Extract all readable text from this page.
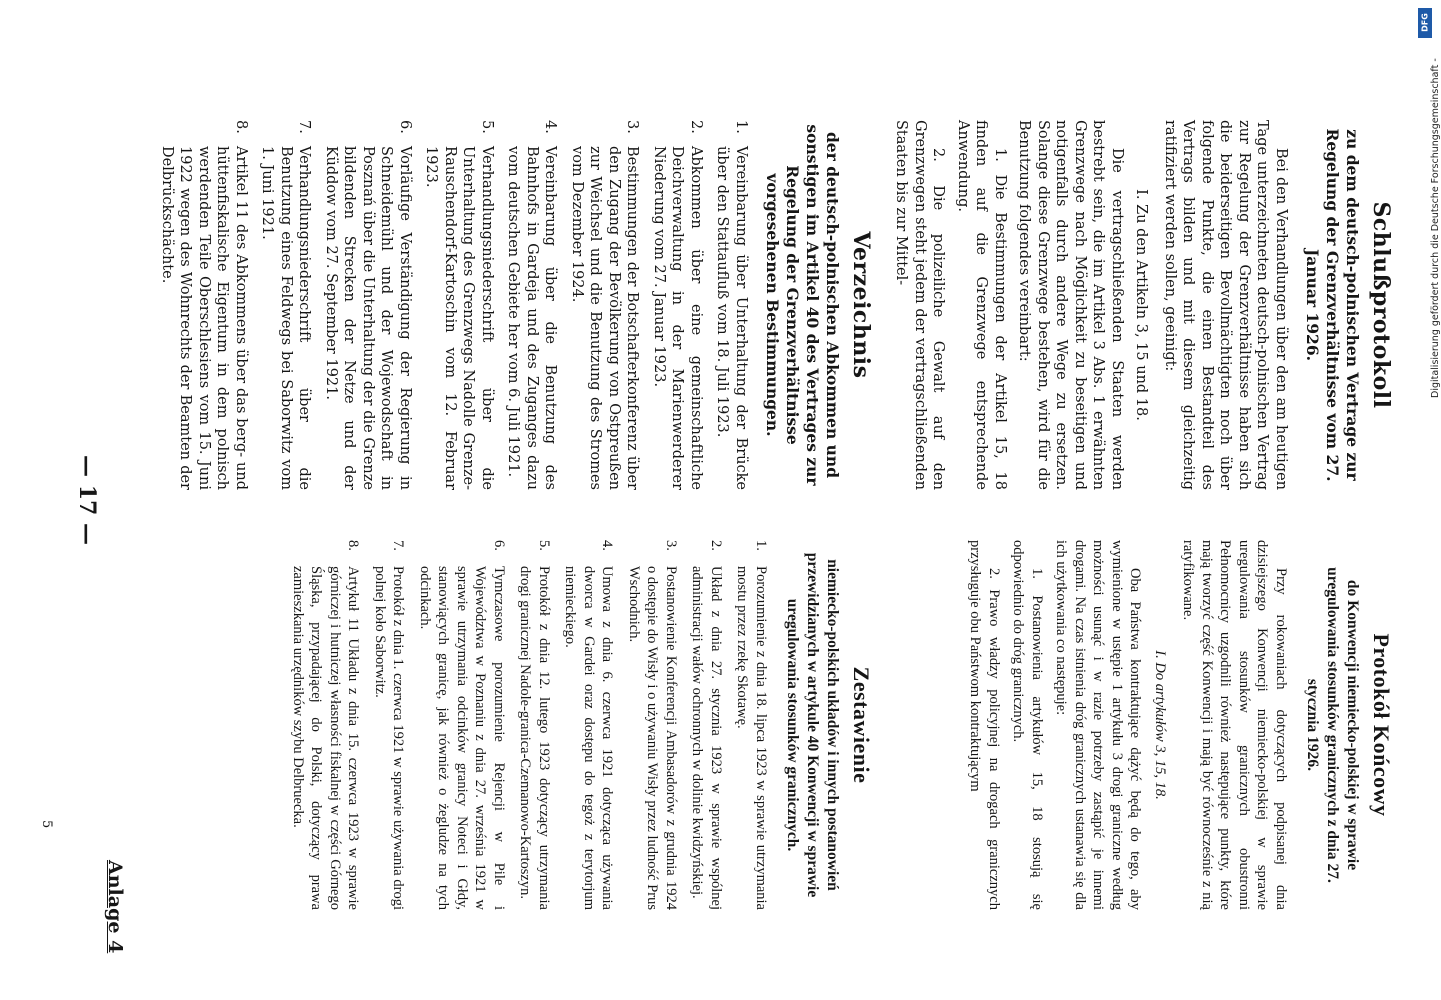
— 17 —
Anlage 4
5
Verzeichnis
der deutsch-polnischen Abkommen und sonstigen im Artikel 40 des Vertrages zur Regelung der Grenzverhältnisse vorgesehenen Bestimmungen.
1.
Vereinbarung über Unterhaltung der Brücke über den Stattaufluß vom 18. Juli 1923.
2.
Abkommen über eine gemeinschaftliche Deichverwaltung in der Marienwerderer Niederung vom 27. Januar 1923.
3.
Bestimmungen der Botschafterkonferenz über den Zugang der Bevölkerung von Ostpreußen zur Weichsel und die Benutzung des Stromes vom Dezember 1924.
4.
Vereinbarung über die Benutzung des Bahnhofs in Gardeja und des Zuganges dazu vom deutschen Gebiete her vom 6. Juli 1921.
5.
Verhandlungsniederschrift über die Unterhaltung des Grenzwegs Nadolle Grenze-Rauschendorf-Kartoschin vom 12. Februar 1923.
6.
Vorläufige Verständigung der Regierung in Schneidemühl und der Wojewodschaft in Posznań über die Unterhaltung der die Grenze bildenden Strecken der Netze und der Küddow vom 27. September 1921.
7.
Verhandlungsniederschrift über die Benutzung eines Feldwegs bei Saborwitz vom 1. Juni 1921.
8.
Artikel 11 des Abkommens über das berg- und hüttenfiskalische Eigentum in dem polnisch werdenden Teile Oberschlesiens vom 15. Juni 1922 wegen des Wohnrechts der Beamten der Delbrückschächte.	Schlußprotokoll
zu dem deutsch-polnischen Vertrage zur Regelung der Grenzverhältnisse vom 27. Januar 1926.

Bei den Verhandlungen über den am heutigen Tage unterzeichneten deutsch-polnischen Vertrag zur Regelung der Grenzverhältnisse haben sich die beiderseitigen Bevollmächtigten noch über folgende Punkte, die einen Bestandteil des Vertrags bilden und mit diesem gleichzeitig ratifiziert werden sollen, geeinigt:

I. Zu den Artikeln 3, 15 und 18.

Die vertragschließenden Staaten werden bestrebt sein, die im Artikel 3 Abs. 1 erwähnten Grenzwege nach Möglichkeit zu beseitigen und notigenfalls durch andere Wege zu ersetzen. Solange diese Grenzwege bestehen, wird für die Benutzung folgendes vereinbart:

1. Die Bestimmungen der Artikel 15, 18 finden auf die Grenzwege entsprechende Anwendung.

2. Die polizeiliche Gewalt auf den Grenzwegen steht jedem der vertragschließenden Staaten bis zur Mittel-

Zestawienie
niemiecko-polskich układów i innych postanowień przewidzianych w artykule 40 Konwencji w sprawie uregulowania stosunków granicznych.
1.
Porozumienie z dnia 18. lipca 1923 w sprawie utrzymania mostu przez rzekę Skotawę.
2.
Układ z dnia 27. stycznia 1923 w sprawie wspólnej administracji wałów ochronnych w dolinie kwidzyńskiej.
3.
Postanowienie Konferencji Ambasadorów z grudnia 1924 o dostępie do Wisły i o używaniu Wisły przez ludność Prus Wschodnich.
4.
Umowa z dnia 6. czerwca 1921 dotycząca używania dworca w Gardei oraz dostępu do tegoż z terytorjum niemieckiego.
5.
Protokół z dnia 12. lutego 1923 dotyczący utrzymania drogi granicznej Nadole-granica-Czemanowo-Kartoszyn.
6.
Tymczasowe porozumienie Rejencji w Pile i Województwa w Poznaniu z dnia 27. września 1921 w sprawie utrzymania odcinków granicy Noteci i Głdy, stanowiących granicę, jak również o żegludze na tych odcinkach.
7.
Protokół z dnia 1. czerwca 1921 w sprawie używania drogi polnej koło Saborwitz.
8.
Artykuł 11 Układu z dnia 15. czerwca 1923 w sprawie górniczej i hutniczej własności fiskalnej w części Górnego Śląska, przypadającej do Polski, dotyczący prawa zamieszkania urzędników szybu Delbruecka.	Protokół Końcowy
do Konwencji niemiecko-polskiej w sprawie uregulowania stosunków granicznych z dnia 27. stycznia 1926.

Przy rokowaniach dotyczących podpisanej dnia dzisiejszego Konwencji niemiecko-polskiej w sprawie uregulowania stosunków granicznych obustronni Pełnomocnicy uzgodnili również następujące punkty, które mają tworzyć część Konwencji i mają być równocześnie z nią ratyfikowane.

I. Do artykułów 3, 15, 18.

Oba Państwa kontraktujące dążyć będą do tego, aby wymienione w ustępie 1 artykułu 3 drogi graniczne według możności usunąć i w razie potrzeby zastąpić je innemi drogami. Na czas istnienia dróg granicznych ustanawia się dla ich użytkowania co następuje:

1. Postanowienia artykułów 15, 18 stosują się odpowiednio do dróg granicznych.

2. Prawo władzy policyjnej na drogach granicznych przysługuje obu Państwom kontraktującym

Digitalisierung gefördert durch die Deutsche Forschungsgemeinschaft -
DFG
